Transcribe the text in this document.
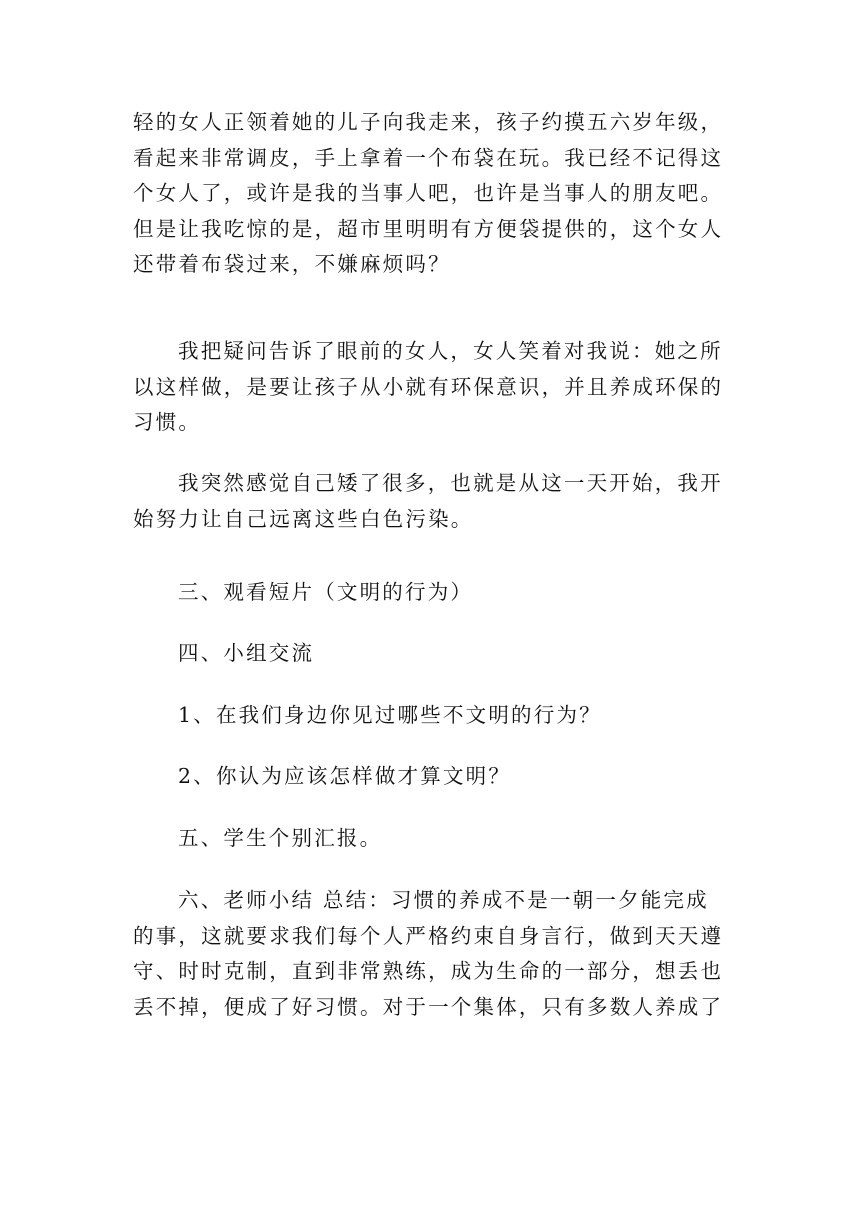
轻的女人正领着她的儿子向我走来，孩子约摸五六岁年级，
看起来非常调皮，手上拿着一个布袋在玩。我已经不记得这
个女人了，或许是我的当事人吧，也许是当事人的朋友吧。
但是让我吃惊的是，超市里明明有方便袋提供的，这个女人
还带着布袋过来，不嫌麻烦吗？

我把疑问告诉了眼前的女人，女人笑着对我说：她之所
以这样做，是要让孩子从小就有环保意识，并且养成环保的
习惯。

我突然感觉自己矮了很多，也就是从这一天开始，我开
始努力让自己远离这些白色污染。

三、观看短片（文明的行为）

四、小组交流

1、在我们身边你见过哪些不文明的行为？

2、你认为应该怎样做才算文明？

五、学生个别汇报。

六、老师小结 总结：习惯的养成不是一朝一夕能完成
的事，这就要求我们每个人严格约束自身言行，做到天天遵
守、时时克制，直到非常熟练，成为生命的一部分，想丢也
丢不掉，便成了好习惯。对于一个集体，只有多数人养成了
